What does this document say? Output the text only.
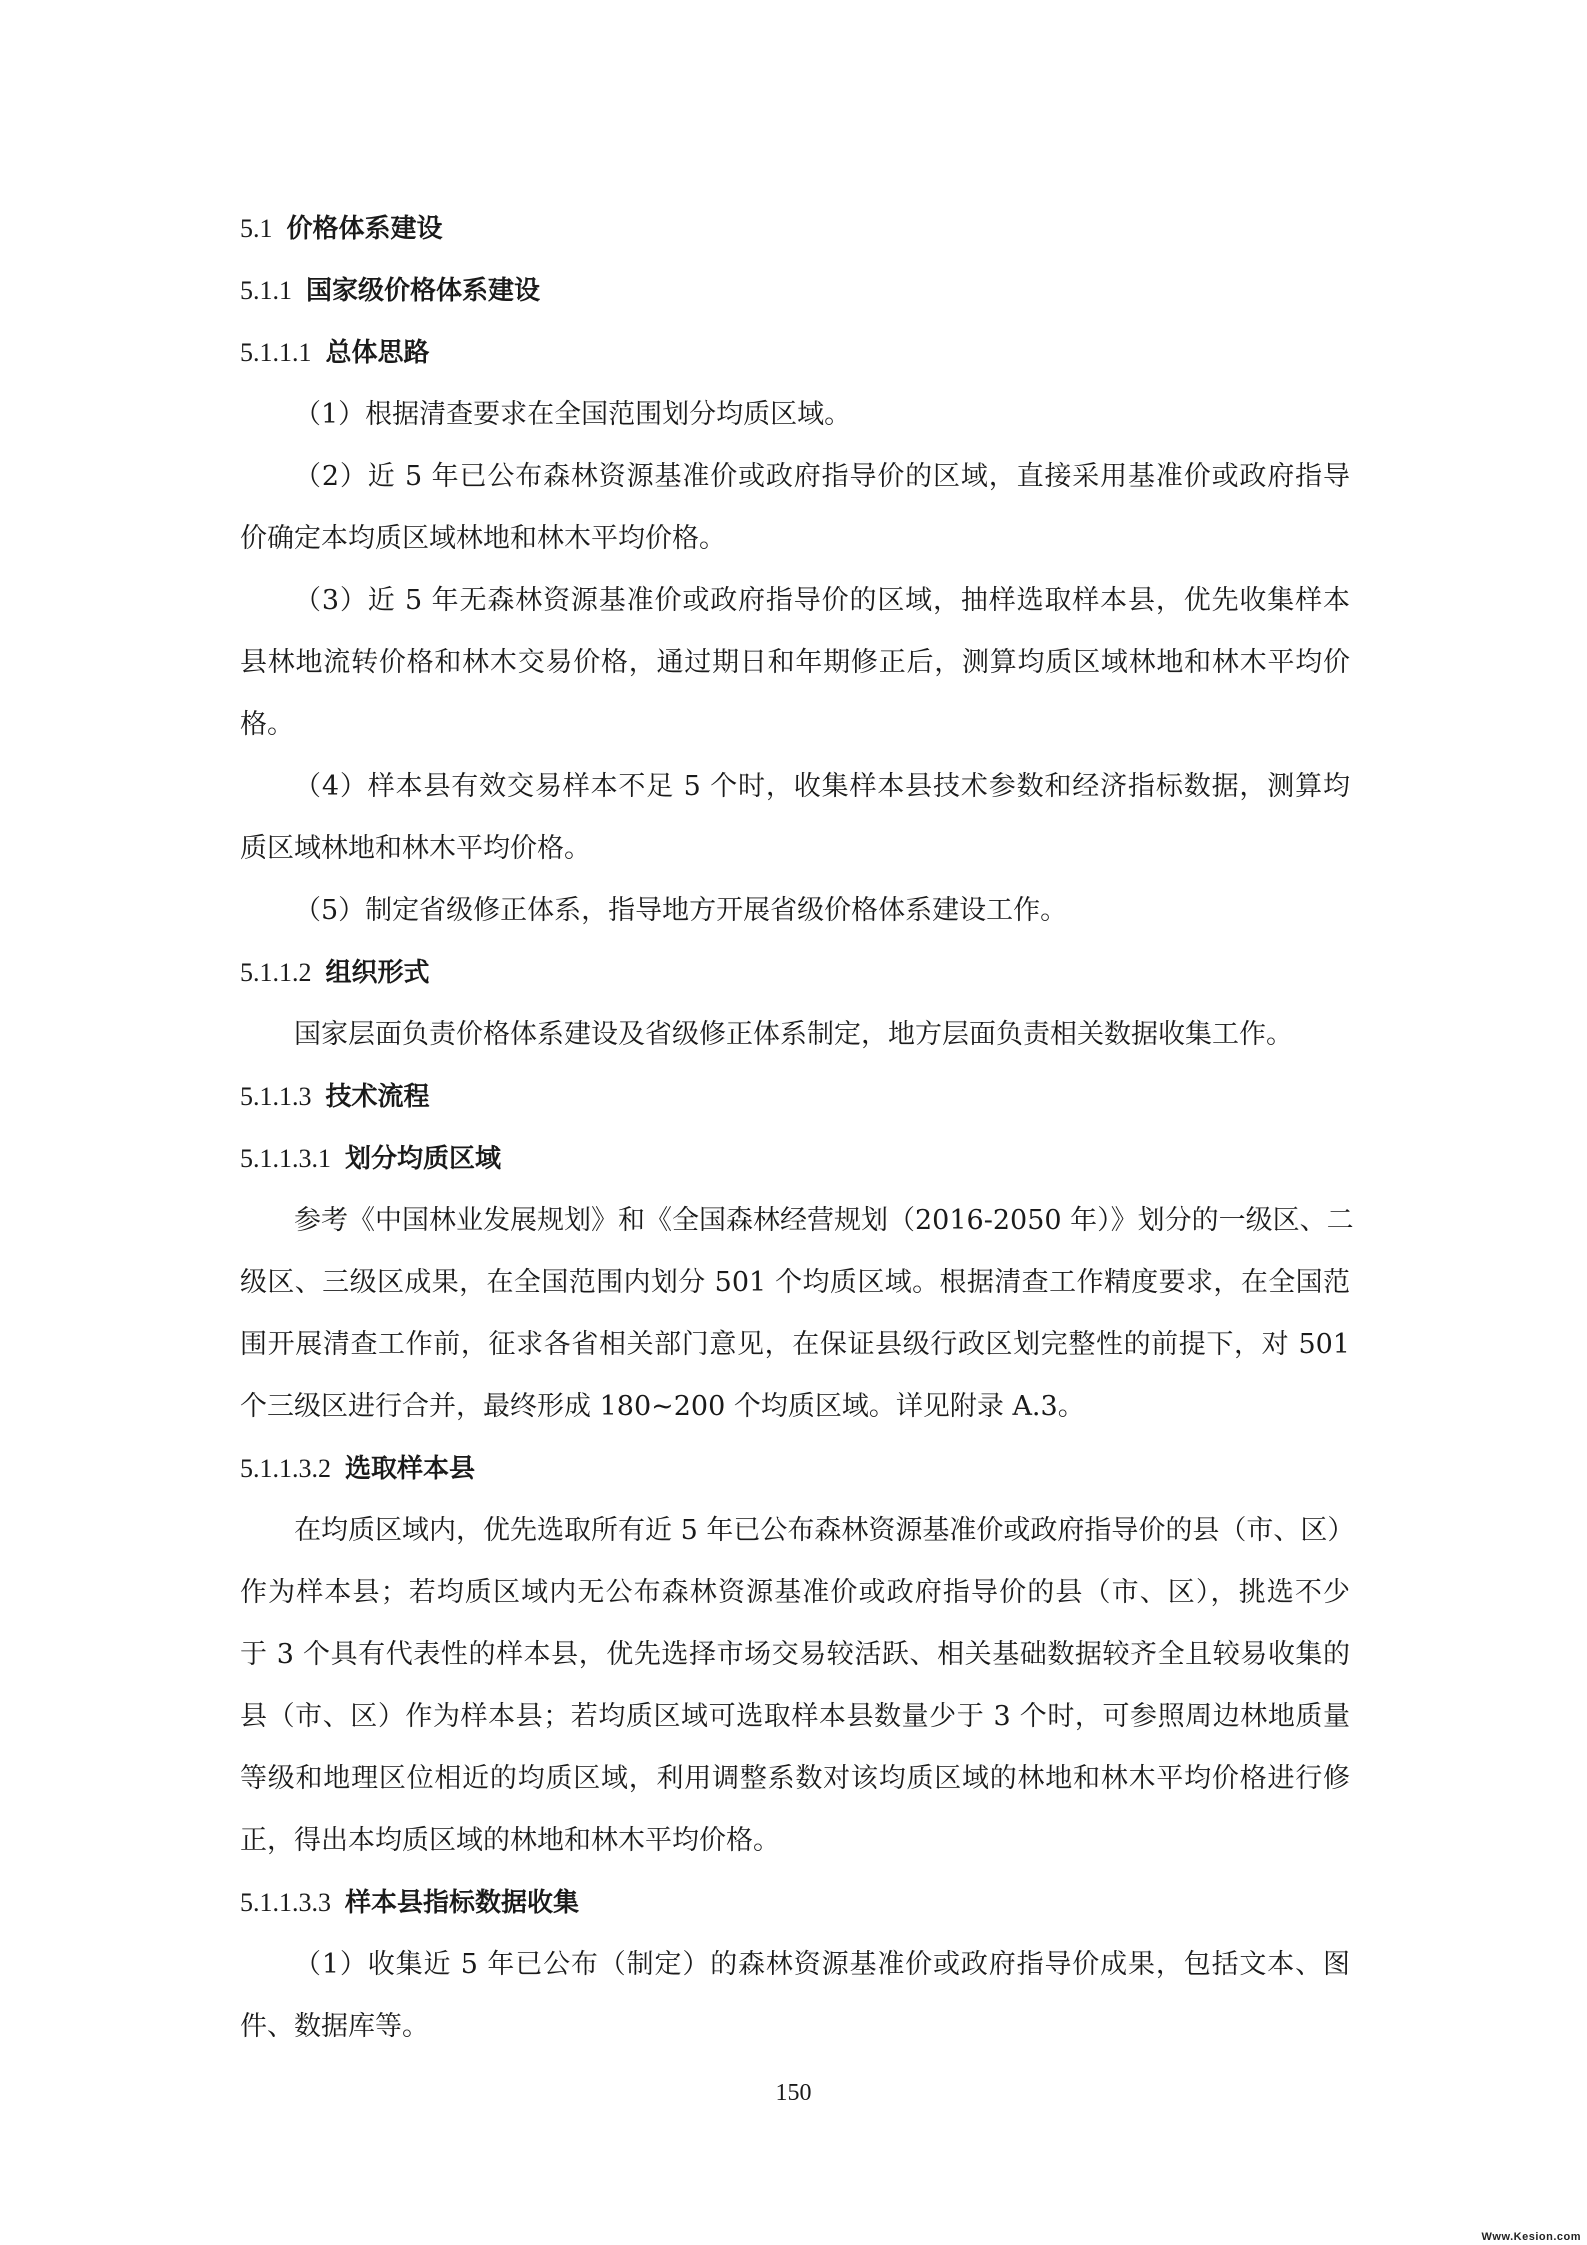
5.1 价格体系建设
5.1.1 国家级价格体系建设
5.1.1.1 总体思路
（1）根据清查要求在全国范围划分均质区域。
（2）近 5 年已公布森林资源基准价或政府指导价的区域，直接采用基准价或政府指导
价确定本均质区域林地和林木平均价格。
（3）近 5 年无森林资源基准价或政府指导价的区域，抽样选取样本县，优先收集样本
县林地流转价格和林木交易价格，通过期日和年期修正后，测算均质区域林地和林木平均价
格。
（4）样本县有效交易样本不足 5 个时，收集样本县技术参数和经济指标数据，测算均
质区域林地和林木平均价格。
（5）制定省级修正体系，指导地方开展省级价格体系建设工作。
5.1.1.2 组织形式
国家层面负责价格体系建设及省级修正体系制定，地方层面负责相关数据收集工作。
5.1.1.3 技术流程
5.1.1.3.1 划分均质区域
参考《中国林业发展规划》和《全国森林经营规划（2016-2050 年）》划分的一级区、二
级区、三级区成果，在全国范围内划分 501 个均质区域。根据清查工作精度要求，在全国范
围开展清查工作前，征求各省相关部门意见，在保证县级行政区划完整性的前提下，对 501
个三级区进行合并，最终形成 180~200 个均质区域。详见附录 A.3。
5.1.1.3.2 选取样本县
在均质区域内，优先选取所有近 5 年已公布森林资源基准价或政府指导价的县（市、区）
作为样本县；若均质区域内无公布森林资源基准价或政府指导价的县（市、区），挑选不少
于 3 个具有代表性的样本县，优先选择市场交易较活跃、相关基础数据较齐全且较易收集的
县（市、区）作为样本县；若均质区域可选取样本县数量少于 3 个时，可参照周边林地质量
等级和地理区位相近的均质区域，利用调整系数对该均质区域的林地和林木平均价格进行修
正，得出本均质区域的林地和林木平均价格。
5.1.1.3.3 样本县指标数据收集
（1）收集近 5 年已公布（制定）的森林资源基准价或政府指导价成果，包括文本、图
件、数据库等。
150
Www.Kesion.com
